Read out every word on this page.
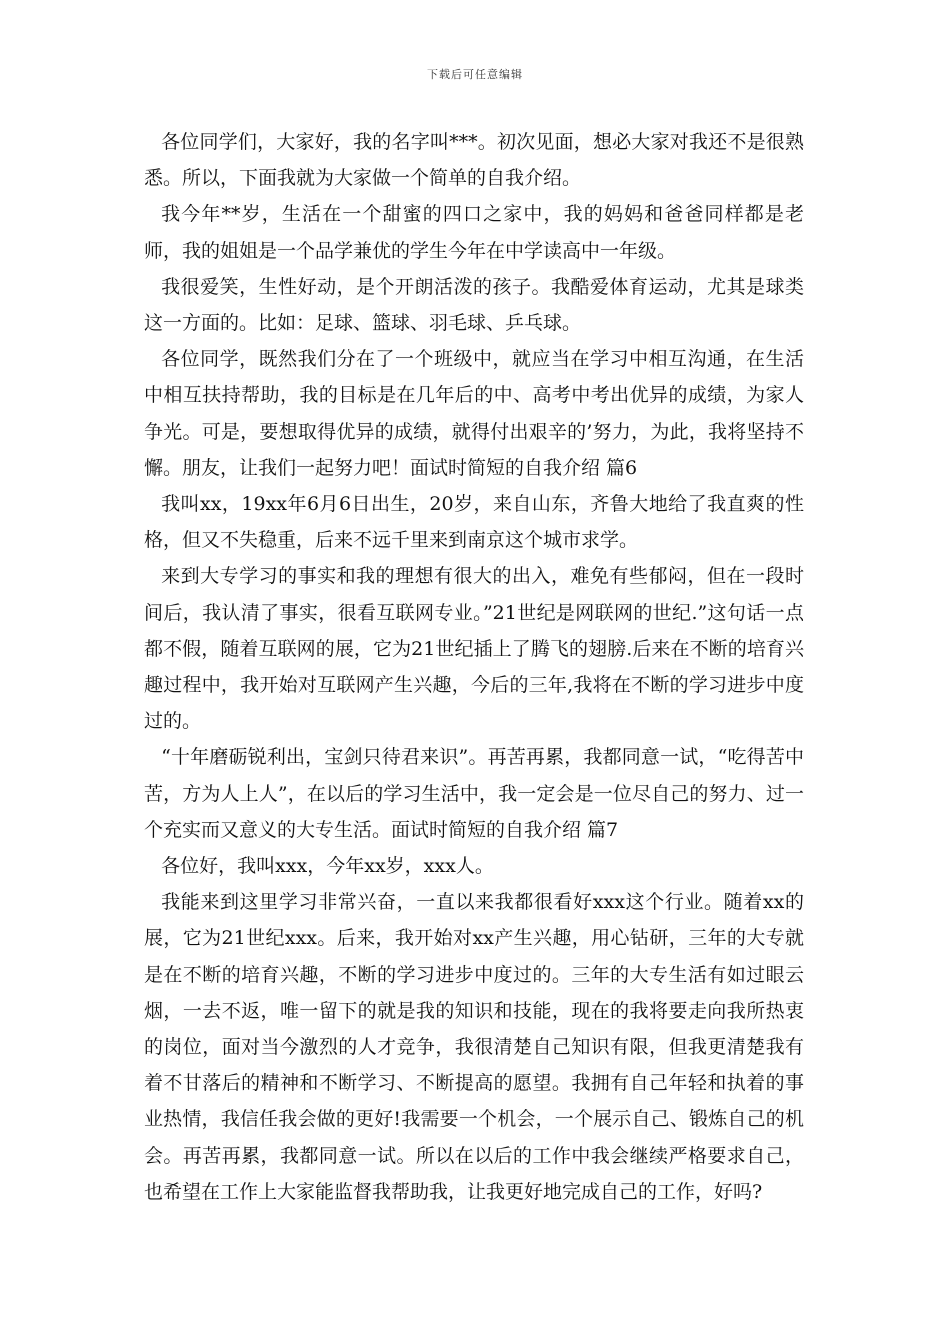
下载后可任意编辑

各位同学们，大家好，我的名字叫***。初次见面，想必大家对我还不是很熟悉。所以，下面我就为大家做一个简单的自我介绍。

我今年**岁，生活在一个甜蜜的四口之家中，我的妈妈和爸爸同样都是老师，我的姐姐是一个品学兼优的学生今年在中学读高中一年级。

我很爱笑，生性好动，是个开朗活泼的孩子。我酷爱体育运动，尤其是球类这一方面的。比如：足球、篮球、羽毛球、乒乓球。

各位同学，既然我们分在了一个班级中，就应当在学习中相互沟通，在生活中相互扶持帮助，我的目标是在几年后的中、高考中考出优异的成绩，为家人争光。可是，要想取得优异的成绩，就得付出艰辛的’努力，为此，我将坚持不懈。朋友，让我们一起努力吧！面试时简短的自我介绍 篇6

我叫xx，19xx年6月6日出生，20岁，来自山东，齐鲁大地给了我直爽的性格，但又不失稳重，后来不远千里来到南京这个城市求学。

来到大专学习的事实和我的理想有很大的出入，难免有些郁闷，但在一段时间后，我认清了事实，很看互联网专业。”21世纪是网联网的世纪.”这句话一点都不假，随着互联网的展，它为21世纪插上了腾飞的翅膀.后来在不断的培育兴趣过程中，我开始对互联网产生兴趣，今后的三年,我将在不断的学习进步中度过的。

“十年磨砺锐利出，宝剑只待君来识”。再苦再累，我都同意一试，“吃得苦中苦，方为人上人”，在以后的学习生活中，我一定会是一位尽自己的努力、过一个充实而又意义的大专生活。面试时简短的自我介绍 篇7

各位好，我叫xxx，今年xx岁，xxx人。

我能来到这里学习非常兴奋，一直以来我都很看好xxx这个行业。随着xx的展，它为21世纪xxx。后来，我开始对xx产生兴趣，用心钻研，三年的大专就是在不断的培育兴趣，不断的学习进步中度过的。三年的大专生活有如过眼云烟，一去不返，唯一留下的就是我的知识和技能，现在的我将要走向我所热衷的岗位，面对当今激烈的人才竞争，我很清楚自己知识有限，但我更清楚我有着不甘落后的精神和不断学习、不断提高的愿望。我拥有自己年轻和执着的事业热情，我信任我会做的更好!我需要一个机会，一个展示自己、锻炼自己的机会。再苦再累，我都同意一试。所以在以后的工作中我会继续严格要求自己，也希望在工作上大家能监督我帮助我，让我更好地完成自己的工作，好吗?
